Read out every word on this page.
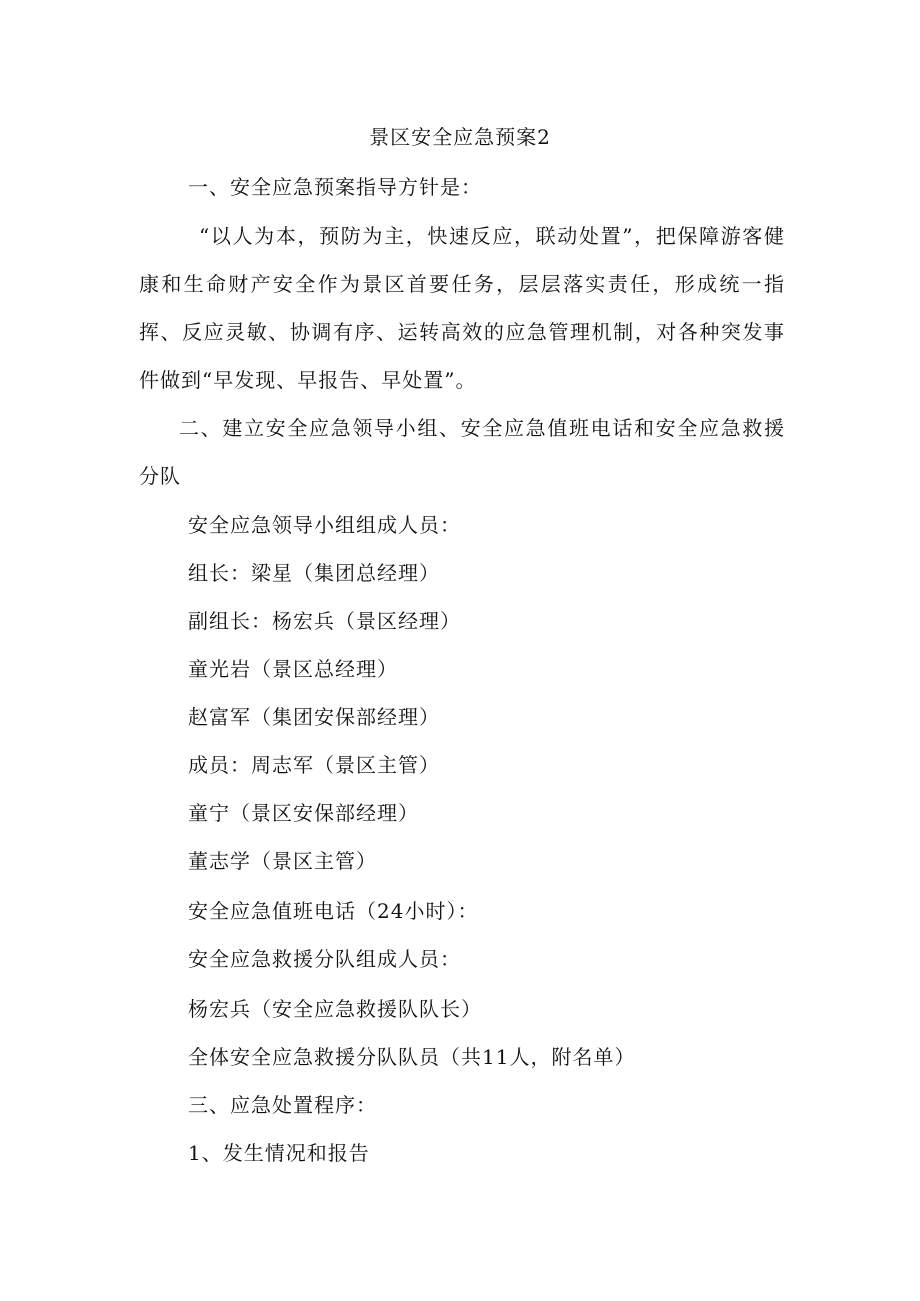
景区安全应急预案2
一、安全应急预案指导方针是：

“以人为本，预防为主，快速反应，联动处置”，把保障游客健康和生命财产安全作为景区首要任务，层层落实责任，形成统一指挥、反应灵敏、协调有序、运转高效的应急管理机制，对各种突发事件做到“早发现、早报告、早处置”。

二、建立安全应急领导小组、安全应急值班电话和安全应急救援分队

安全应急领导小组组成人员：
组长：梁星（集团总经理）
副组长：杨宏兵（景区经理）
童光岩（景区总经理）
赵富军（集团安保部经理）
成员：周志军（景区主管）
童宁（景区安保部经理）
董志学（景区主管）
安全应急值班电话（24小时）：
安全应急救援分队组成人员：
杨宏兵（安全应急救援队队长）
全体安全应急救援分队队员（共11人，附名单）
三、应急处置程序：
1、发生情况和报告
